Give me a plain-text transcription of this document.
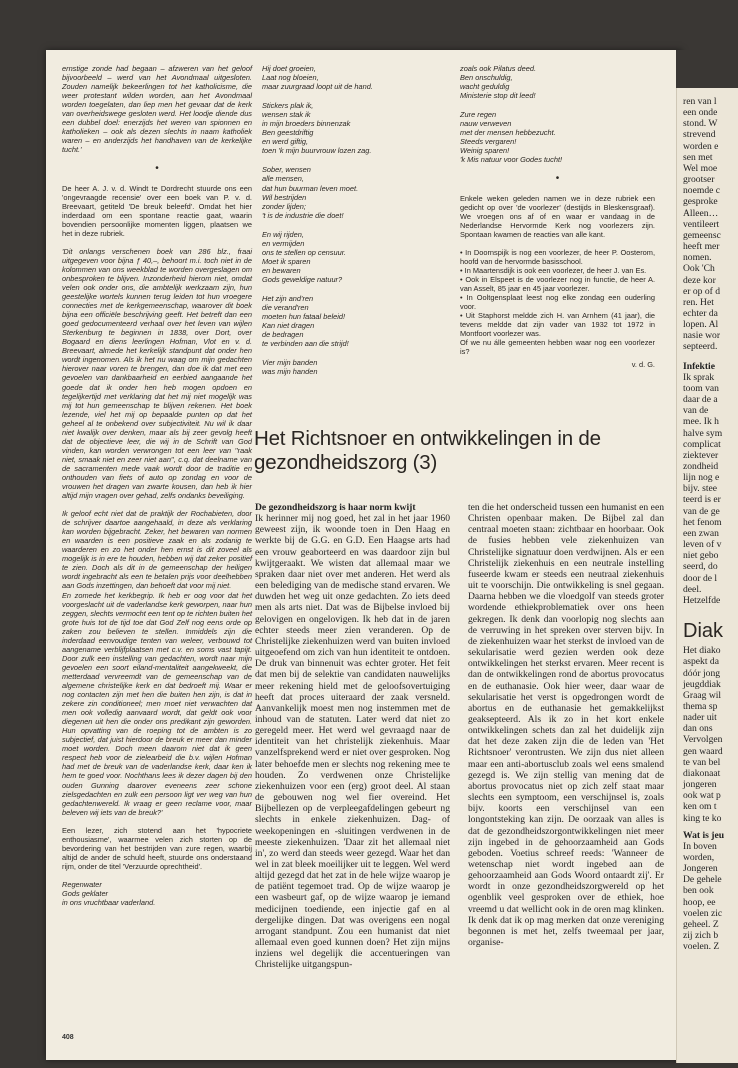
ernstige zonde had begaan – afzweren van het geloof bijvoorbeeld – werd van het Avondmaal uitgesloten. Zouden namelijk bekeerlingen tot het katholicisme, die weer protestant wilden worden, aan het Avondmaal worden toegelaten, dan liep men het gevaar dat de kerk van overheidswege gesloten werd. Het loodje diende dus een dubbel doel: enerzijds het weren van spionnen en katholieken – ook als dezen slechts in naam katholiek waren – en anderzijds het handhaven van de kerkelijke tucht.'

•

De heer A. J. v. d. Windt te Dordrecht stuurde ons een 'ongevraagde recensie' over een boek van P. v. d. Breevaart, getiteld 'De breuk beleefd'. Omdat het hier inderdaad om een spontane reactie gaat, waarin bovendien persoonlijke momenten liggen, plaatsen we het in deze rubriek.

'Dit onlangs verschenen boek van 286 blz., fraai uitgegeven voor bijna ƒ 40,–, behoort m.i. toch niet in de kolommen van ons weekblad te worden overgeslagen om onbesproken te blijven. Inzonderheid hierom niet, omdat velen ook onder ons, die ambtelijk werkzaam zijn, hun geestelijke wortels kunnen terug leiden tot hun vroegere connecties met de kerkgemeenschap, waarover dit boek bijna een officiële beschrijving geeft. Het betreft dan een goed gedocumenteerd verhaal over het leven van wijlen Sterkenburg te beginnen in 1838, over Dort, over Bogaard en diens leerlingen Hofman, Vlot en v. d. Breevaart, almede het kerkelijk standpunt dat onder hen wordt ingenomen. Als ik het nu waag om mijn gedachten hierover naar voren te brengen, dan doe ik dat met een gevoelen van dankbaarheid en eerbied aangaande het goede dat ik onder hen heb mogen opdoen en tegelijkertijd met verklaring dat het mij niet mogelijk was mij tot hun gemeenschap te blijven rekenen. Het boek lezende, viel het mij op bepaalde punten op dat het geheel al te onbekend over subjectiviteit. Nu wil ik daar niet kwalijk over denken, maar als bij zeer gevolg heeft dat de objectieve leer, die wij in de Schrift van God vinden, kan worden verwrongen tot een leer van ''raak niet, smaak niet en zeer niet aan'', c.q. dat deelname van de sacramenten mede vaak wordt door de traditie en onthouden van fiets of auto op zondag en voor de vrouwen het dragen van zwarte kousen, dan heb ik hier altijd mijn vragen over gehad, zelfs ondanks beveiliging.

Ik geloof echt niet dat de praktijk der Rochabieten, door de schrijver daartoe aangehaald, in deze als verklaring kan worden bijgebracht. Zeker, het bewaren van normen en waarden is een positieve zaak en als zodanig te waarderen en zo het onder hen ernst is dit zoveel als mogelijk is in ere te houden, hebben wij dat zeker positief te zien. Doch als dit in de gemeenschap der heiligen wordt ingebracht als een te betalen prijs voor deelhebben aan Gods inzettingen, dan behoeft dat voor mij niet.

En zomede het kerkbegrip. Ik heb er oog voor dat het voorgeslacht uit de vaderlandse kerk geworpen, naar hun zeggen, slechts vermocht een tent op te richten buiten het grote huis tot de tijd toe dat God Zelf nog eens orde op zaken zou believen te stellen. Inmiddels zijn die inderdaad eenvoudige tenten van weleer, verbouwd tot aangename verblijfplaatsen met c.v. en soms vast tapijt. Door zulk een instelling van gedachten, wordt naar mijn gevoelen een soort eiland-mentaliteit aangekweekt, die metterdaad vervreemdt van de gemeenschap van de algemene christelijke kerk en dat bedroeft mij. Waar er nog contacten zijn met hen die buiten hen zijn, is dat in zekere zin conditioneel; men moet niet verwachten dat men ook volledig aanvaard wordt, dat geldt ook voor diegenen uit hen die onder ons predikant zijn geworden. Hun opvatting van de roeping tot de ambten is zo subjectief, dat juist hierdoor de breuk er meer dan minder moet worden. Doch meen daarom niet dat ik geen respect heb voor de zielearbeid die b.v. wijlen Hofman had met de breuk van de vaderlandse kerk, daar ken ik hem te goed voor. Nochthans lees ik dezer dagen bij den ouden Gunning daarover eveneens zeer schone zielsgedachten en zulk een persoon ligt ver weg van hun gedachtenwereld. Ik vraag er geen reclame voor, maar beleven wij iets van de breuk?'

Een lezer, zich stotend aan het 'hypocriete enthousiasme', waarmee velen zich storten op de bevordering van het bestrijden van zure regen, waarbij altijd de ander de schuld heeft, stuurde ons onderstaand rijm, onder de titel 'Verzuurde oprechtheid'.

Regenwater
Gods geklater
in ons vruchtbaar vaderland.

Hij doet groeien,
Laat nog bloeien,
maar zuurgraad loopt uit de hand.

Stickers plak ik,
wensen stak ik
in mijn broeders binnenzak
Ben geestdriftig
en werd giftig,
toen 'k mijn buurvrouw lozen zag.

Sober, wensen
alle mensen,
dat hun buurman leven moet.
Wil bestrijden
zonder lijden;
't is de industrie die doet!

En wij rijden,
en vermijden
ons te stellen op censuur.
Moet ik sparen
en bewaren
Gods geweldige natuur?

Het zijn and'ren
die verand'ren
moeten hun fataal beleid!
Kan niet dragen
de bedragen
te verbinden aan die strijd!

Vier mijn banden
was mijn handen

zoals ook Pilatus deed.
Ben onschuldig,
wacht geduldig
Ministerie stop dit leed!

Zure regen
nauw verweven
met der mensen hebbezucht.
Steeds vergaren!
Weinig sparen!
'k Mis natuur voor Godes tucht!

•

Enkele weken geleden namen we in deze rubriek een gedicht op over 'de voorlezer' (destijds in Bleskensgraaf). We vroegen ons af of en waar er vandaag in de Nederlandse Hervormde Kerk nog voorlezers zijn. Spontaan kwamen de reacties van alle kant.

• In Doornspijk is nog een voorlezer, de heer P. Oosterom, hoofd van de hervormde basisschool.

• In Maartensdijk is ook een voorlezer, de heer J. van Es.

• Ook in Elspeet is de voorlezer nog in functie, de heer A. van Asselt, 85 jaar en 45 jaar voorlezer.

• In Ooltgensplaat leest nog elke zondag een ouderling voor.

• Uit Staphorst meldde zich H. van Arnhem (41 jaar), die tevens meldde dat zijn vader van 1932 tot 1972 in Montfoort voorlezer was.

Of we nu álle gemeenten hebben waar nog een voorlezer is?

v. d. G.
Het Richtsnoer en ontwikkelingen in de gezondheidszorg (3)

De gezondheidszorg is haar norm kwijt

Ik herinner mij nog goed, het zal in het jaar 1960 geweest zijn, ik woonde toen in Den Haag en werkte bij de G.G. en G.D. Een Haagse arts had een vrouw geaborteerd en was daardoor zijn bul kwijtgeraakt. We wisten dat allemaal maar we spraken daar niet over met anderen. Het werd als een belediging van de medische stand ervaren. We duwden het weg uit onze gedachten. Zo iets deed men als arts niet. Dat was de Bijbelse invloed bij gelovigen en ongelovigen. Ik heb dat in de jaren echter steeds meer zien veranderen. Op de Christelijke ziekenhuizen werd van buiten invloed uitgeoefend om zich van hun identiteit te ontdoen. De druk van binnenuit was echter groter. Het feit dat men bij de selektie van candidaten nauwelijks meer rekening hield met de geloofsovertuiging heeft dat proces uiteraard der zaak versneld. Aanvankelijk moest men nog instemmen met de inhoud van de statuten. Later werd dat niet zo geregeld meer. Het werd wel gevraagd naar de identiteit van het christelijk ziekenhuis. Maar vanzelfsprekend werd er niet over gesproken. Nog later behoefde men er slechts nog rekening mee te houden. Zo verdwenen onze Christelijke ziekenhuizen voor een (erg) groot deel. Al staan de gebouwen nog wel fier overeind. Het Bijbellezen op de verpleegafdelingen gebeurt ng slechts in enkele ziekenhuizen. Dag- of weekopeningen en -sluitingen verdwenen in de meeste ziekenhuizen. 'Daar zit het allemaal niet in', zo werd dan steeds weer gezegd. Waar het dan wel in zat bleek moeilijker uit te leggen. Wel werd altijd gezegd dat het zat in de hele wijze waarop je de patiënt tegemoet trad. Op de wijze waarop je een wasbeurt gaf, op de wijze waarop je iemand medicijnen toediende, een injectie gaf en al dergelijke dingen. Dat was overigens een nogal arrogant standpunt. Zou een humanist dat niet allemaal even goed kunnen doen? Het zijn mijns inziens wel degelijk die accentueringen van Christelijke uitgangspun-

ten die het onderscheid tussen een humanist en een Christen openbaar maken. De Bijbel zal dan centraal moeten staan: zichtbaar en hoorbaar. Ook de fusies hebben vele ziekenhuizen van Christelijke signatuur doen verdwijnen. Als er een Christelijk ziekenhuis en een neutrale instelling fuseerde kwam er steeds een neutraal ziekenhuis uit te voorschijn. Die ontwikkeling is snel gegaan. Daarna hebben we die vloedgolf van steeds groter wordende ethiekproblematiek over ons heen gekregen. Ik denk dan voorlopig nog slechts aan de verruwing in het spreken over sterven bijv. In de ziekenhuizen waar het sterkst de invloed van de sekularisatie werd gezien werden ook deze ontwikkelingen het sterkst ervaren. Meer recent is dan de ontwikkelingen rond de abortus provocatus en de euthanasie. Ook hier weer, daar waar de sekularisatie het verst is opgedrongen wordt de abortus en de euthanasie het gemakkelijkst geaksepteerd. Als ik zo in het kort enkele ontwikkelingen schets dan zal het duidelijk zijn dat het deze zaken zijn die de leden van 'Het Richtsnoer' verontrusten. We zijn dus niet alleen maar een anti-abortusclub zoals wel eens smalend gezegd is. We zijn stellig van mening dat de abortus provocatus niet op zich zelf staat maar slechts een symptoom, een verschijnsel is, zoals bijv. koorts een verschijnsel van een longontsteking kan zijn. De oorzaak van alles is dat de gezondheidszorgontwikkelingen niet meer zijn ingebed in de gehoorzaamheid aan Gods geboden. Voetius schreef reeds: 'Wanneer de wetenschap niet wordt ingebed aan de gehoorzaamheid aan Gods Woord ontaardt zij'. Er wordt in onze gezondheidszorgwereld op het ogenblik veel gesproken over de ethiek, hoe vreemd u dat wellicht ook in de oren mag klinken. Ik denk dat ik op mag merken dat onze vereniging begonnen is met het, zelfs tweemaal per jaar, organise-

408
ren van l
een onde
stond. W
strevend
worden e
sen met
Wel moe
grootser
noemde c
gesproke
Alleen…
ventileert
gemeensc
heeft mer
nomen.
Ook 'Ch
deze kor
er op of d
ren. Het
echter da
lopen. Al
nasie wor
septeerd.
Infektie
Ik sprak
toom van
daar de a
van de
mee. Ik h
halve sym
complicat
ziektever
zondheid
lijn nog e
bijv. stee
teerd is er
van de ge
het fenom
een zwan
leven of v
niet gebo
seerd, do
door de l
deel.
Hetzelfde
Diak
Het diako
aspekt da
dóór jong
jeugddiak
Graag wil
thema sp
nader uit
dan ons
Vervolgen
gen waard
te van bel
diakonaat
jongeren
ook wat p
ken om t
king te ko
Wat is jeu
In boven
worden,
Jongeren
De gehele
ben ook
hoop, ee
voelen zic
geheel. Z
zij zich b
voelen. Z
